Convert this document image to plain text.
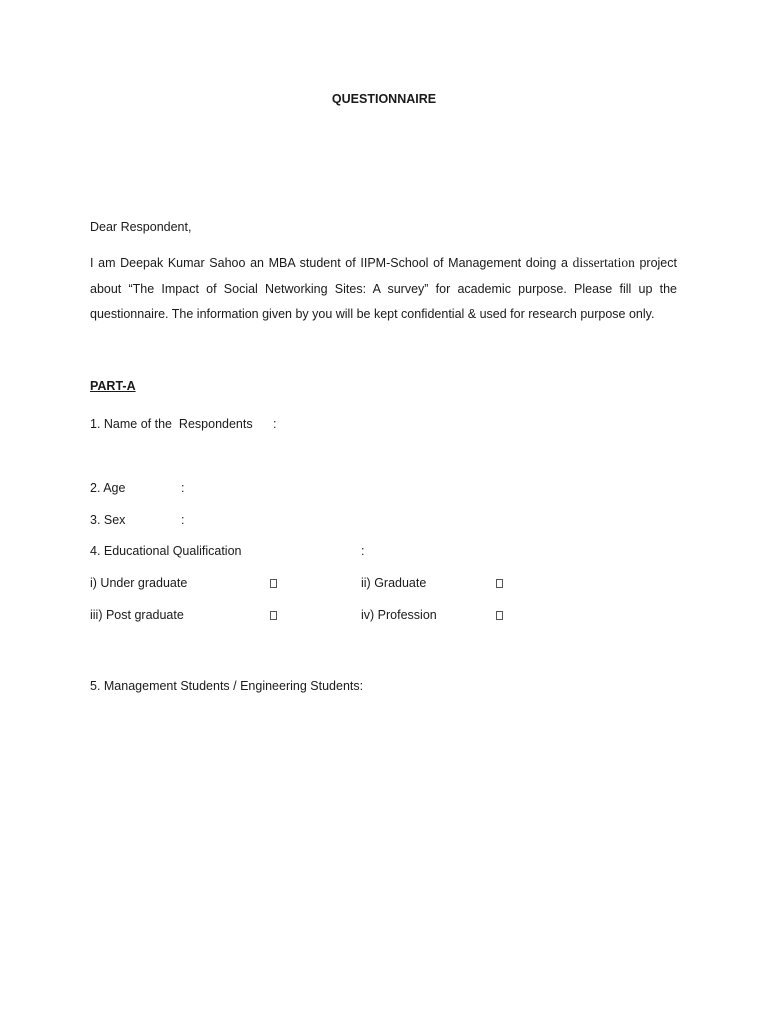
QUESTIONNAIRE
Dear Respondent,
I am Deepak Kumar Sahoo an MBA student of IIPM-School of Management doing a dissertation project about “The Impact of Social Networking Sites: A survey” for academic purpose. Please fill up the questionnaire. The information given by you will be kept confidential & used for research purpose only.
PART-A
1. Name of the  Respondents :
2. Age	:
3. Sex	:
4. Educational Qualification	:
i) Under graduate	ii) Graduate
iii) Post graduate	iv) Profession
5. Management Students / Engineering Students:
